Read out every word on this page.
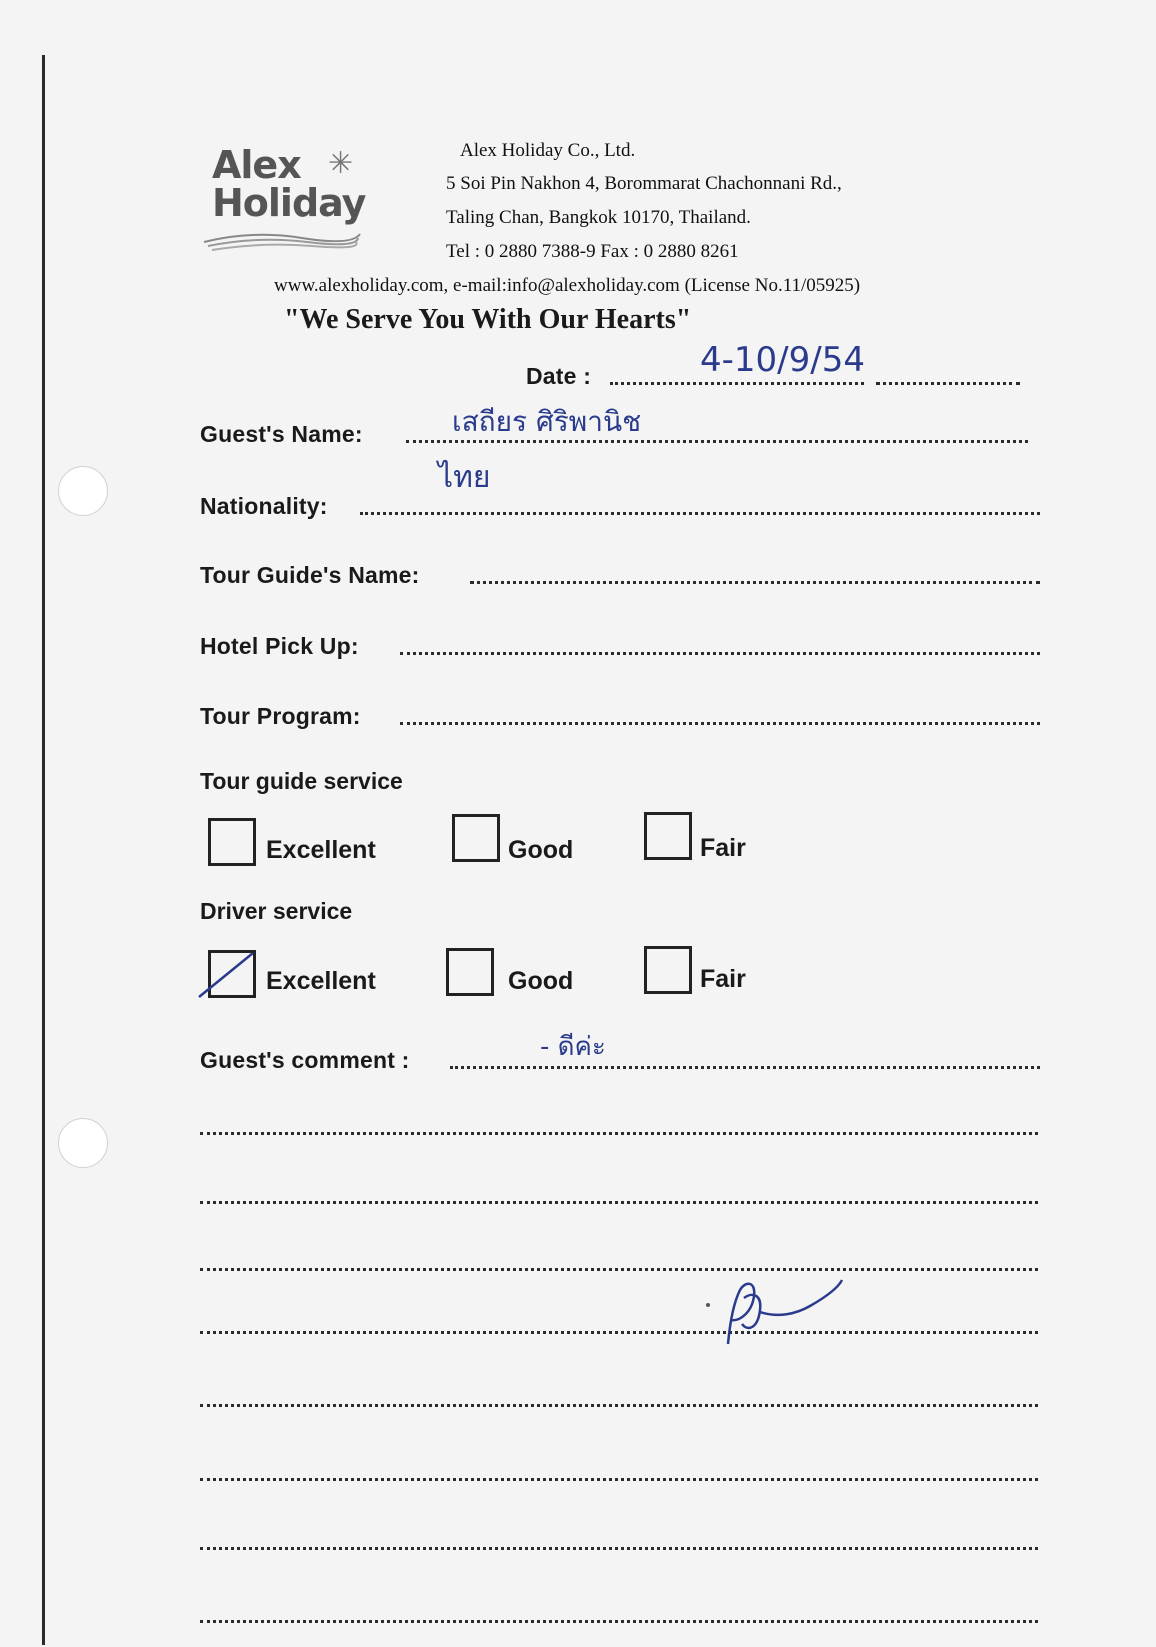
Alex
Holiday
✳	Alex Holiday Co., Ltd.
5 Soi Pin Nakhon 4, Borommarat Chachonnani Rd.,
Taling Chan, Bangkok 10170, Thailand.
Tel : 0 2880 7388-9 Fax : 0 2880 8261
www.alexholiday.com, e-mail:info@alexholiday.com (License No.11/05925)
"We Serve You With Our Hearts"
Date :	4-10/9/54
Guest's Name:	เสถียร ศิริพานิช
Nationality:
ไทย
Tour Guide's Name:
Hotel Pick Up:
Tour Program:
Tour guide service
Excellent	Good	Fair
Driver service
Excellent	Good	Fair
Guest's comment :	- ดีค่ะ
